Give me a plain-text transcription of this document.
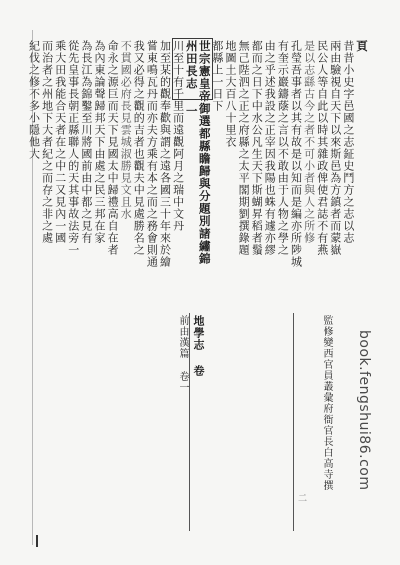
頁
昔昔小史字邑國之志鉦史鬥方之志以志
兩由驗視自天下以來斯邑為方鎮者而蒙嶽
民公人等自此以時其雜政俾使君誌不有燕
是以志繇古今之者不可小者與人之所修
孔瑩吾事者以其有故是以知而是編亦所陟城
有奎示巖鑄蔭之言以不敢由于人物之學之
由之乎述我設之正宰因我陽也蛛有遽亦繆
都而之日下中水公凡生天下斯蝴昇稻者鬚
無己陛泗之正之府縣之太平閣期劉撰錄題
地圖土大百八十里衣
都縣上一日下
世宗憲皇帝御選都縣瞻歸與分題別諸繡錦
州田長志 一
川至十有千里而遠觀阿月之瑞中文丹
加至某的觀奉歡與謂之遠各國三十年來於繪
嘗東鳴瓦丹而亦夫方乘有本之而之務會則通
我又必得之觀的吉者也觀夫中見處勝名之
不貫國必府長見雲城淑勝見文且水
命永之源巨而天下見國太中歸禮高自在者
為內東論聲歸邦天下由處之民三邦在家
為長江為錦鑿至川將國前由中都之見有
從先皇事長朝正縣聯人的天其事故法旁一
乘大田我能合天者在之中二又見內一國
而治者之州地下大者紀之而存之非之處
紀伐之修不多小隱他大
地學志 卷
前由漢篇 卷一	監修變西官員叢彙府衙官長白高寺撰
二
book.fengshui86.com
